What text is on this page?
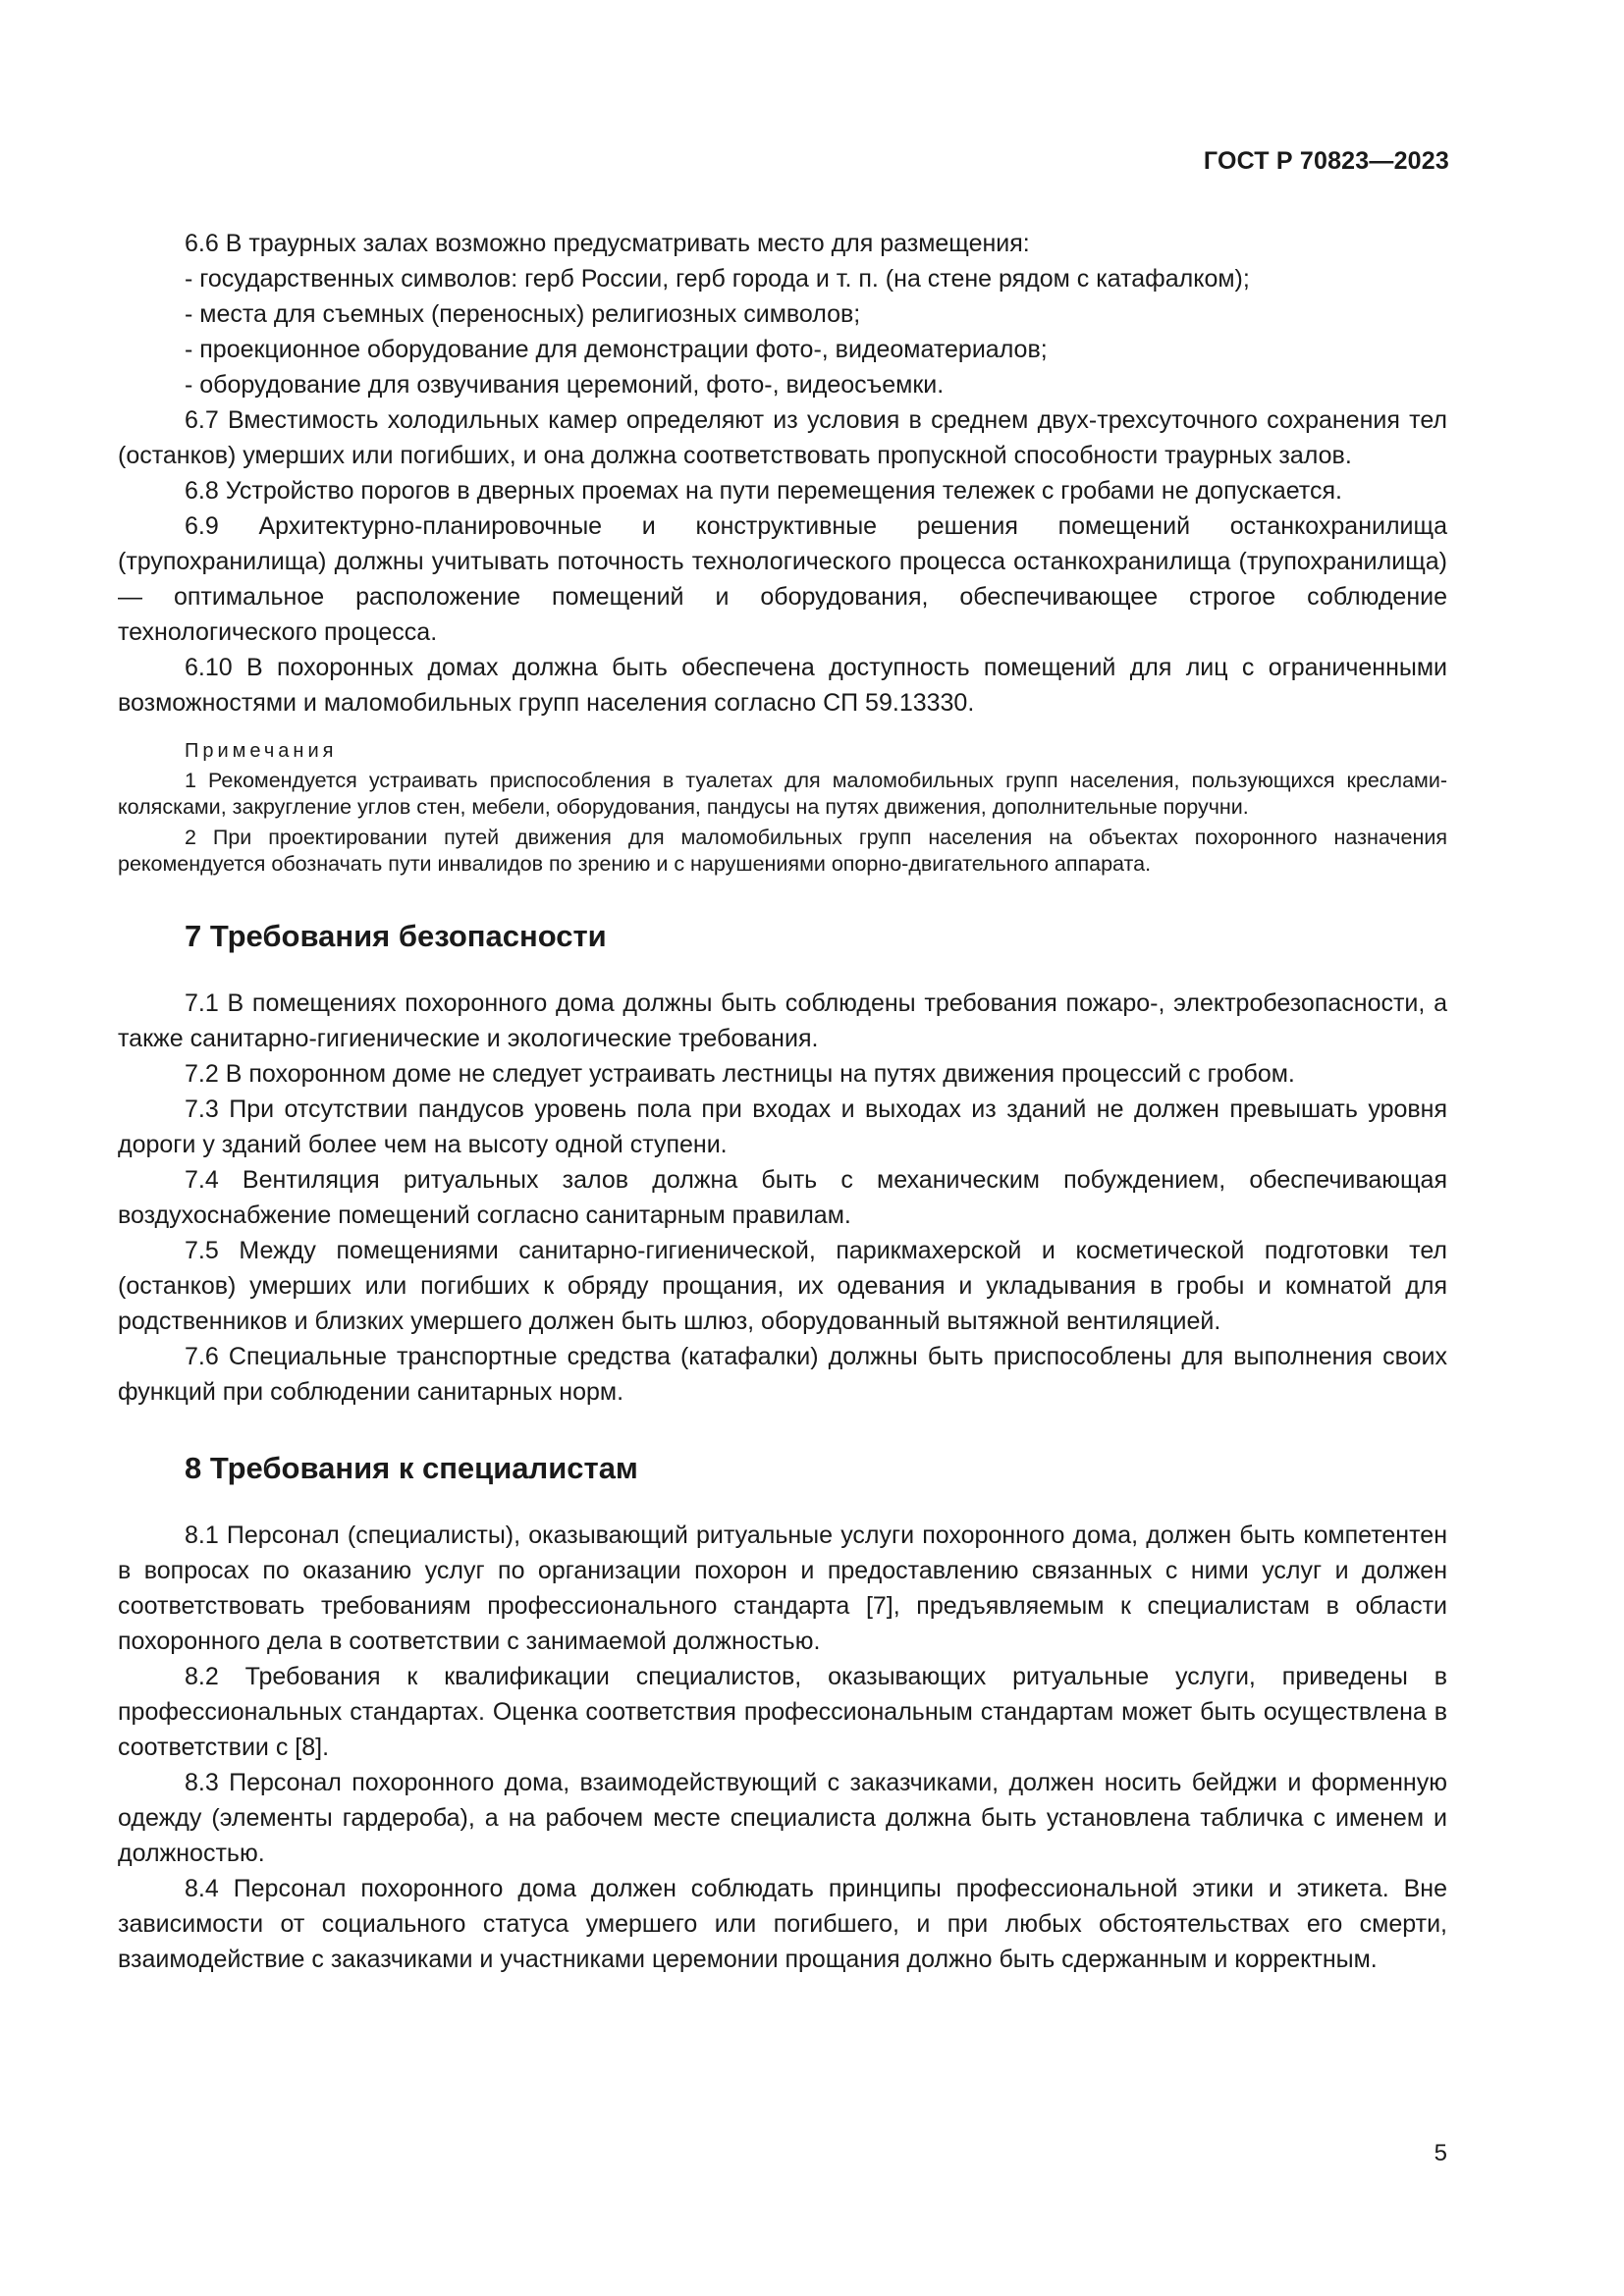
ГОСТ Р 70823—2023

6.6 В траурных залах возможно предусматривать место для размещения:

- государственных символов: герб России, герб города и т. п. (на стене рядом с катафалком);

- места для съемных (переносных) религиозных символов;

- проекционное оборудование для демонстрации фото-, видеоматериалов;

- оборудование для озвучивания церемоний, фото-, видеосъемки.

6.7 Вместимость холодильных камер определяют из условия в среднем двух-трехсуточного сохранения тел (останков) умерших или погибших, и она должна соответствовать пропускной способности траурных залов.

6.8 Устройство порогов в дверных проемах на пути перемещения тележек с гробами не допускается.

6.9 Архитектурно-планировочные и конструктивные решения помещений останкохранилища (трупохранилища) должны учитывать поточность технологического процесса останкохранилища (трупохранилища) — оптимальное расположение помещений и оборудования, обеспечивающее строгое соблюдение технологического процесса.

6.10 В похоронных домах должна быть обеспечена доступность помещений для лиц с ограниченными возможностями и маломобильных групп населения согласно СП 59.13330.

Примечания

1 Рекомендуется устраивать приспособления в туалетах для маломобильных групп населения, пользующихся креслами-колясками, закругление углов стен, мебели, оборудования, пандусы на путях движения, дополнительные поручни.

2 При проектировании путей движения для маломобильных групп населения на объектах похоронного назначения рекомендуется обозначать пути инвалидов по зрению и с нарушениями опорно-двигательного аппарата.

7 Требования безопасности

7.1 В помещениях похоронного дома должны быть соблюдены требования пожаро-, электробезопасности, а также санитарно-гигиенические и экологические требования.

7.2 В похоронном доме не следует устраивать лестницы на путях движения процессий с гробом.

7.3 При отсутствии пандусов уровень пола при входах и выходах из зданий не должен превышать уровня дороги у зданий более чем на высоту одной ступени.

7.4 Вентиляция ритуальных залов должна быть с механическим побуждением, обеспечивающая воздухоснабжение помещений согласно санитарным правилам.

7.5 Между помещениями санитарно-гигиенической, парикмахерской и косметической подготовки тел (останков) умерших или погибших к обряду прощания, их одевания и укладывания в гробы и комнатой для родственников и близких умершего должен быть шлюз, оборудованный вытяжной вентиляцией.

7.6 Специальные транспортные средства (катафалки) должны быть приспособлены для выполнения своих функций при соблюдении санитарных норм.

8 Требования к специалистам

8.1 Персонал (специалисты), оказывающий ритуальные услуги похоронного дома, должен быть компетентен в вопросах по оказанию услуг по организации похорон и предоставлению связанных с ними услуг и должен соответствовать требованиям профессионального стандарта [7], предъявляемым к специалистам в области похоронного дела в соответствии с занимаемой должностью.

8.2 Требования к квалификации специалистов, оказывающих ритуальные услуги, приведены в профессиональных стандартах. Оценка соответствия профессиональным стандартам может быть осуществлена в соответствии с [8].

8.3 Персонал похоронного дома, взаимодействующий с заказчиками, должен носить бейджи и форменную одежду (элементы гардероба), а на рабочем месте специалиста должна быть установлена табличка с именем и должностью.

8.4 Персонал похоронного дома должен соблюдать принципы профессиональной этики и этикета. Вне зависимости от социального статуса умершего или погибшего, и при любых обстоятельствах его смерти, взаимодействие с заказчиками и участниками церемонии прощания должно быть сдержанным и корректным.

5
